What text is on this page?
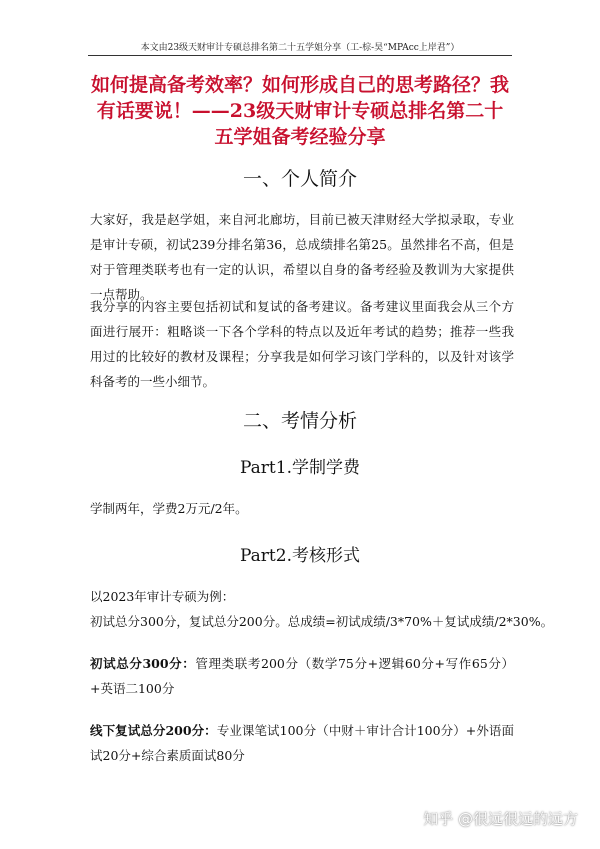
本文由23级天财审计专硕总排名第二十五学姐分享（工-棕-昊“MPAcc上岸君”）
如何提高备考效率？如何形成自己的思考路径？我有话要说！——23级天财审计专硕总排名第二十五学姐备考经验分享
一、个人简介

大家好，我是赵学姐，来自河北廊坊，目前已被天津财经大学拟录取，专业是审计专硕，初试239分排名第36，总成绩排名第25。虽然排名不高，但是对于管理类联考也有一定的认识，希望以自身的备考经验及教训为大家提供一点帮助。

我分享的内容主要包括初试和复试的备考建议。备考建议里面我会从三个方面进行展开：粗略谈一下各个学科的特点以及近年考试的趋势；推荐一些我用过的比较好的教材及课程；分享我是如何学习该门学科的，以及针对该学科备考的一些小细节。

二、考情分析
Part1.学制学费

学制两年，学费2万元/2年。

Part2.考核形式

以2023年审计专硕为例：

初试总分300分，复试总分200分。总成绩=初试成绩/3*70%＋复试成绩/2*30%。

初试总分300分：管理类联考200分（数学75分+逻辑60分+写作65分）+英语二100分

线下复试总分200分：专业课笔试100分（中财＋审计合计100分）+外语面试20分+综合素质面试80分

知乎 @很远很远的远方
